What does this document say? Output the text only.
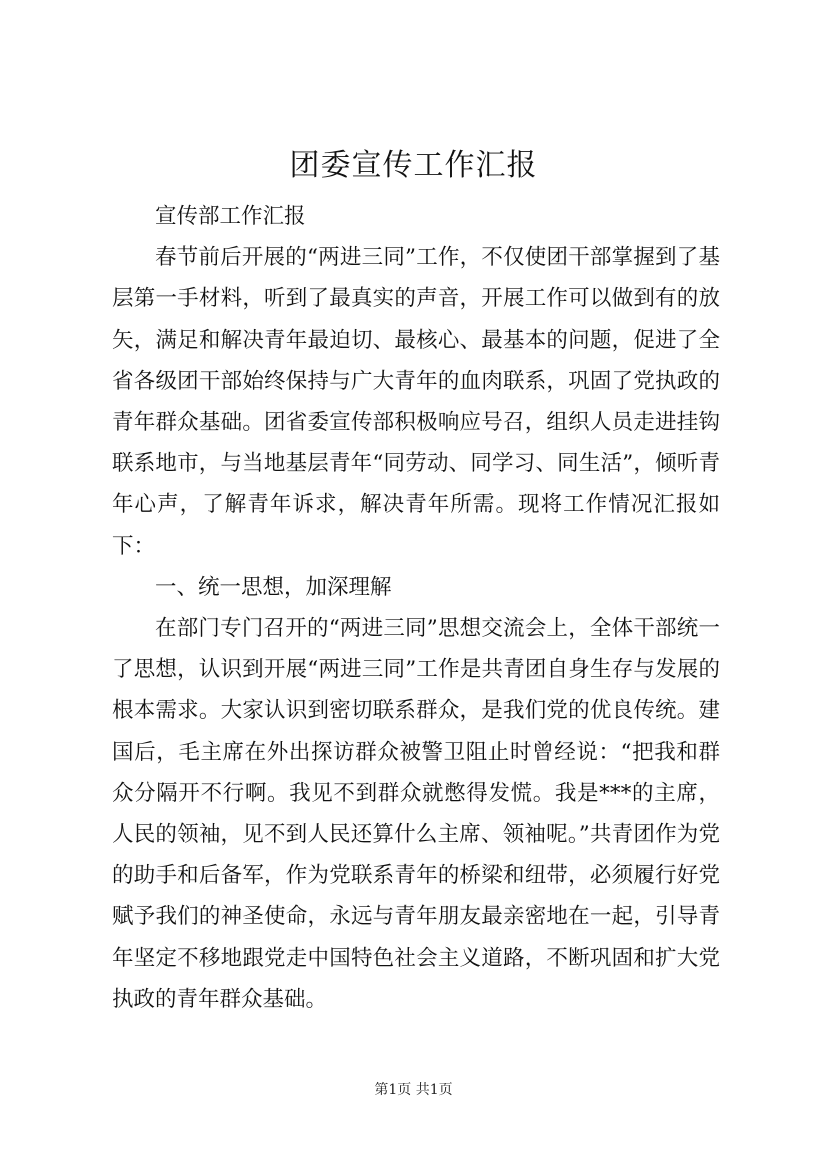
团委宣传工作汇报

宣传部工作汇报

春节前后开展的“两进三同”工作，不仅使团干部掌握到了基层第一手材料，听到了最真实的声音，开展工作可以做到有的放矢，满足和解决青年最迫切、最核心、最基本的问题，促进了全省各级团干部始终保持与广大青年的血肉联系，巩固了党执政的青年群众基础。团省委宣传部积极响应号召，组织人员走进挂钩联系地市，与当地基层青年“同劳动、同学习、同生活”，倾听青年心声，了解青年诉求，解决青年所需。现将工作情况汇报如下：

一、统一思想，加深理解

在部门专门召开的“两进三同”思想交流会上，全体干部统一了思想，认识到开展“两进三同”工作是共青团自身生存与发展的根本需求。大家认识到密切联系群众，是我们党的优良传统。建国后，毛主席在外出探访群众被警卫阻止时曾经说：“把我和群众分隔开不行啊。我见不到群众就憋得发慌。我是***的主席，人民的领袖，见不到人民还算什么主席、领袖呢。”共青团作为党的助手和后备军，作为党联系青年的桥梁和纽带，必须履行好党赋予我们的神圣使命，永远与青年朋友最亲密地在一起，引导青年坚定不移地跟党走中国特色社会主义道路，不断巩固和扩大党执政的青年群众基础。

第1页 共1页
